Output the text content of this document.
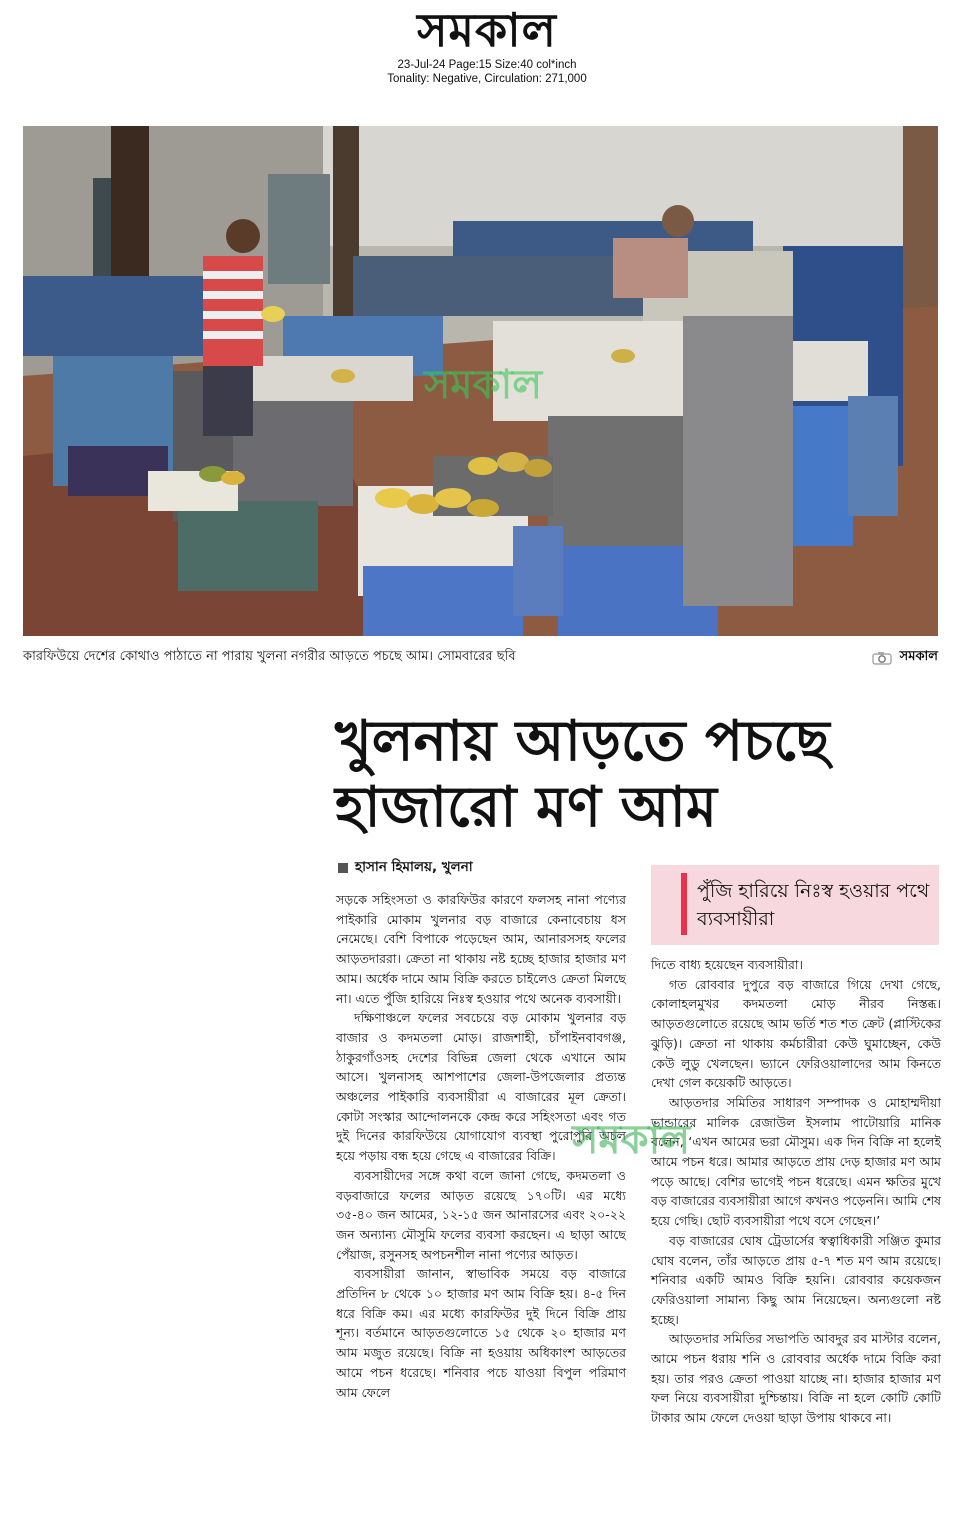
সমকাল
23-Jul-24 Page:15 Size:40 col*inch
Tonality: Negative, Circulation: 271,000
সমকাল
কারফিউয়ে দেশের কোথাও পাঠাতে না পারায় খুলনা নগরীর আড়তে পচছে আম। সোমবারের ছবি	সমকাল
খুলনায় আড়তে পচছে
হাজারো মণ আম
হাসান হিমালয়, খুলনা
পুঁজি হারিয়ে নিঃস্ব হওয়ার পথে ব্যবসায়ীরা

সড়কে সহিংসতা ও কারফিউর কারণে ফলসহ নানা পণ্যের পাইকারি মোকাম খুলনার বড় বাজারে কেনাবেচায় ধস নেমেছে। বেশি বিপাকে পড়েছেন আম, আনারসসহ ফলের আড়তদাররা। ক্রেতা না থাকায় নষ্ট হচ্ছে হাজার হাজার মণ আম। অর্ধেক দামে আম বিক্রি করতে চাইলেও ক্রেতা মিলছে না। এতে পুঁজি হারিয়ে নিঃস্ব হওয়ার পথে অনেক ব্যবসায়ী।

দক্ষিণাঞ্চলে ফলের সবচেয়ে বড় মোকাম খুলনার বড় বাজার ও কদমতলা মোড়। রাজশাহী, চাঁপাইনবাবগঞ্জ, ঠাকুরগাঁওসহ দেশের বিভিন্ন জেলা থেকে এখানে আম আসে। খুলনাসহ আশপাশের জেলা-উপজেলার প্রত্যন্ত অঞ্চলের পাইকারি ব্যবসায়ীরা এ বাজারের মূল ক্রেতা। কোটা সংস্কার আন্দোলনকে কেন্দ্র করে সহিংসতা এবং গত দুই দিনের কারফিউয়ে যোগাযোগ ব্যবস্থা পুরোপুরি অচল হয়ে পড়ায় বন্ধ হয়ে গেছে এ বাজারের বিক্রি।

ব্যবসায়ীদের সঙ্গে কথা বলে জানা গেছে, কদমতলা ও বড়বাজারে ফলের আড়ত রয়েছে ১৭০টি। এর মধ্যে ৩৫-৪০ জন আমের, ১২-১৫ জন আনারসের এবং ২০-২২ জন অন্যান্য মৌসুমি ফলের ব্যবসা করছেন। এ ছাড়া আছে পেঁয়াজ, রসুনসহ অপচনশীল নানা পণ্যের আড়ত।

ব্যবসায়ীরা জানান, স্বাভাবিক সময়ে বড় বাজারে প্রতিদিন ৮ থেকে ১০ হাজার মণ আম বিক্রি হয়। ৪-৫ দিন ধরে বিক্রি কম। এর মধ্যে কারফিউর দুই দিনে বিক্রি প্রায় শূন্য। বর্তমানে আড়তগুলোতে ১৫ থেকে ২০ হাজার মণ আম মজুত রয়েছে। বিক্রি না হওয়ায় অধিকাংশ আড়তের আমে পচন ধরেছে। শনিবার পচে যাওয়া বিপুল পরিমাণ আম ফেলে

দিতে বাধ্য হয়েছেন ব্যবসায়ীরা।

গত রোববার দুপুরে বড় বাজারে গিয়ে দেখা গেছে, কোলাহলমুখর কদমতলা মোড় নীরব নিস্তব্ধ। আড়তগুলোতে রয়েছে আম ভর্তি শত শত ক্রেট (প্লাস্টিকের ঝুড়ি)। ক্রেতা না থাকায় কর্মচারীরা কেউ ঘুমাচ্ছেন, কেউ কেউ লুডু খেলছেন। ভ্যানে ফেরিওয়ালাদের আম কিনতে দেখা গেল কয়েকটি আড়তে।

আড়তদার সমিতির সাধারণ সম্পাদক ও মোহাম্মদীয়া ভান্ডারের মালিক রেজাউল ইসলাম পাটোয়ারি মানিক বলেন, ‘এখন আমের ভরা মৌসুম। এক দিন বিক্রি না হলেই আমে পচন ধরে। আমার আড়তে প্রায় দেড় হাজার মণ আম পড়ে আছে। বেশির ভাগেই পচন ধরেছে। এমন ক্ষতির মুখে বড় বাজারের ব্যবসায়ীরা আগে কখনও পড়েননি। আমি শেষ হয়ে গেছি। ছোট ব্যবসায়ীরা পথে বসে গেছেন।’

বড় বাজারের ঘোষ ট্রেডার্সের স্বত্বাধিকারী সঞ্জিত কুমার ঘোষ বলেন, তাঁর আড়তে প্রায় ৫-৭ শত মণ আম রয়েছে। শনিবার একটি আমও বিক্রি হয়নি। রোববার কয়েকজন ফেরিওয়ালা সামান্য কিছু আম নিয়েছেন। অন্যগুলো নষ্ট হচ্ছে।

আড়তদার সমিতির সভাপতি আবদুর রব মাস্টার বলেন, আমে পচন ধরায় শনি ও রোববার অর্ধেক দামে বিক্রি করা হয়। তার পরও ক্রেতা পাওয়া যাচ্ছে না। হাজার হাজার মণ ফল নিয়ে ব্যবসায়ীরা দুশ্চিন্তায়। বিক্রি না হলে কোটি কোটি টাকার আম ফেলে দেওয়া ছাড়া উপায় থাকবে না।

সমকাল
